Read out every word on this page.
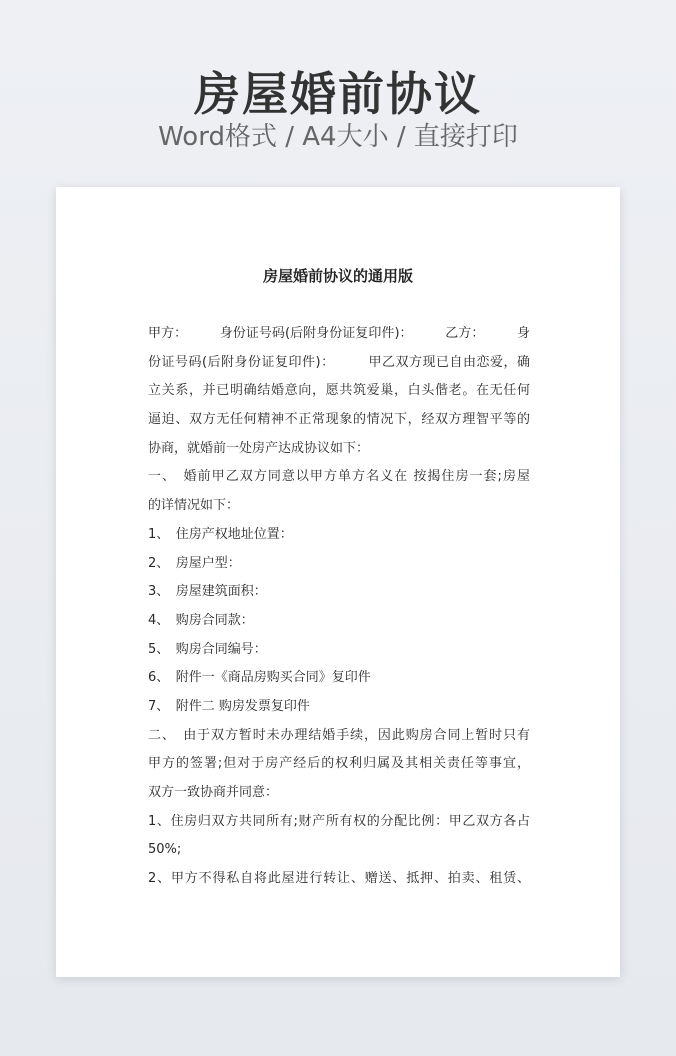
房屋婚前协议
Word格式 / A4大小 / 直接打印
房屋婚前协议的通用版
甲方：　　　身份证号码(后附身份证复印件)：　　　乙方：　　　身
份证号码(后附身份证复印件)：　　　甲乙双方现已自由恋爱，确
立关系，并已明确结婚意向，愿共筑爱巢，白头偕老。在无任何
逼迫、双方无任何精神不正常现象的情况下，经双方理智平等的
协商，就婚前一处房产达成协议如下：
一、　婚前甲乙双方同意以甲方单方名义在 按揭住房一套;房屋
的详情况如下：
1、　住房产权地址位置：
2、　房屋户型：
3、　房屋建筑面积：
4、　购房合同款：
5、　购房合同编号：
6、　附件一《商品房购买合同》复印件
7、　附件二 购房发票复印件
二、　由于双方暂时未办理结婚手续，因此购房合同上暂时只有
甲方的签署;但对于房产经后的权利归属及其相关责任等事宜，
双方一致协商并同意：
1、住房归双方共同所有;财产所有权的分配比例：甲乙双方各占
50%;
2、甲方不得私自将此屋进行转让、赠送、抵押、拍卖、租赁、
